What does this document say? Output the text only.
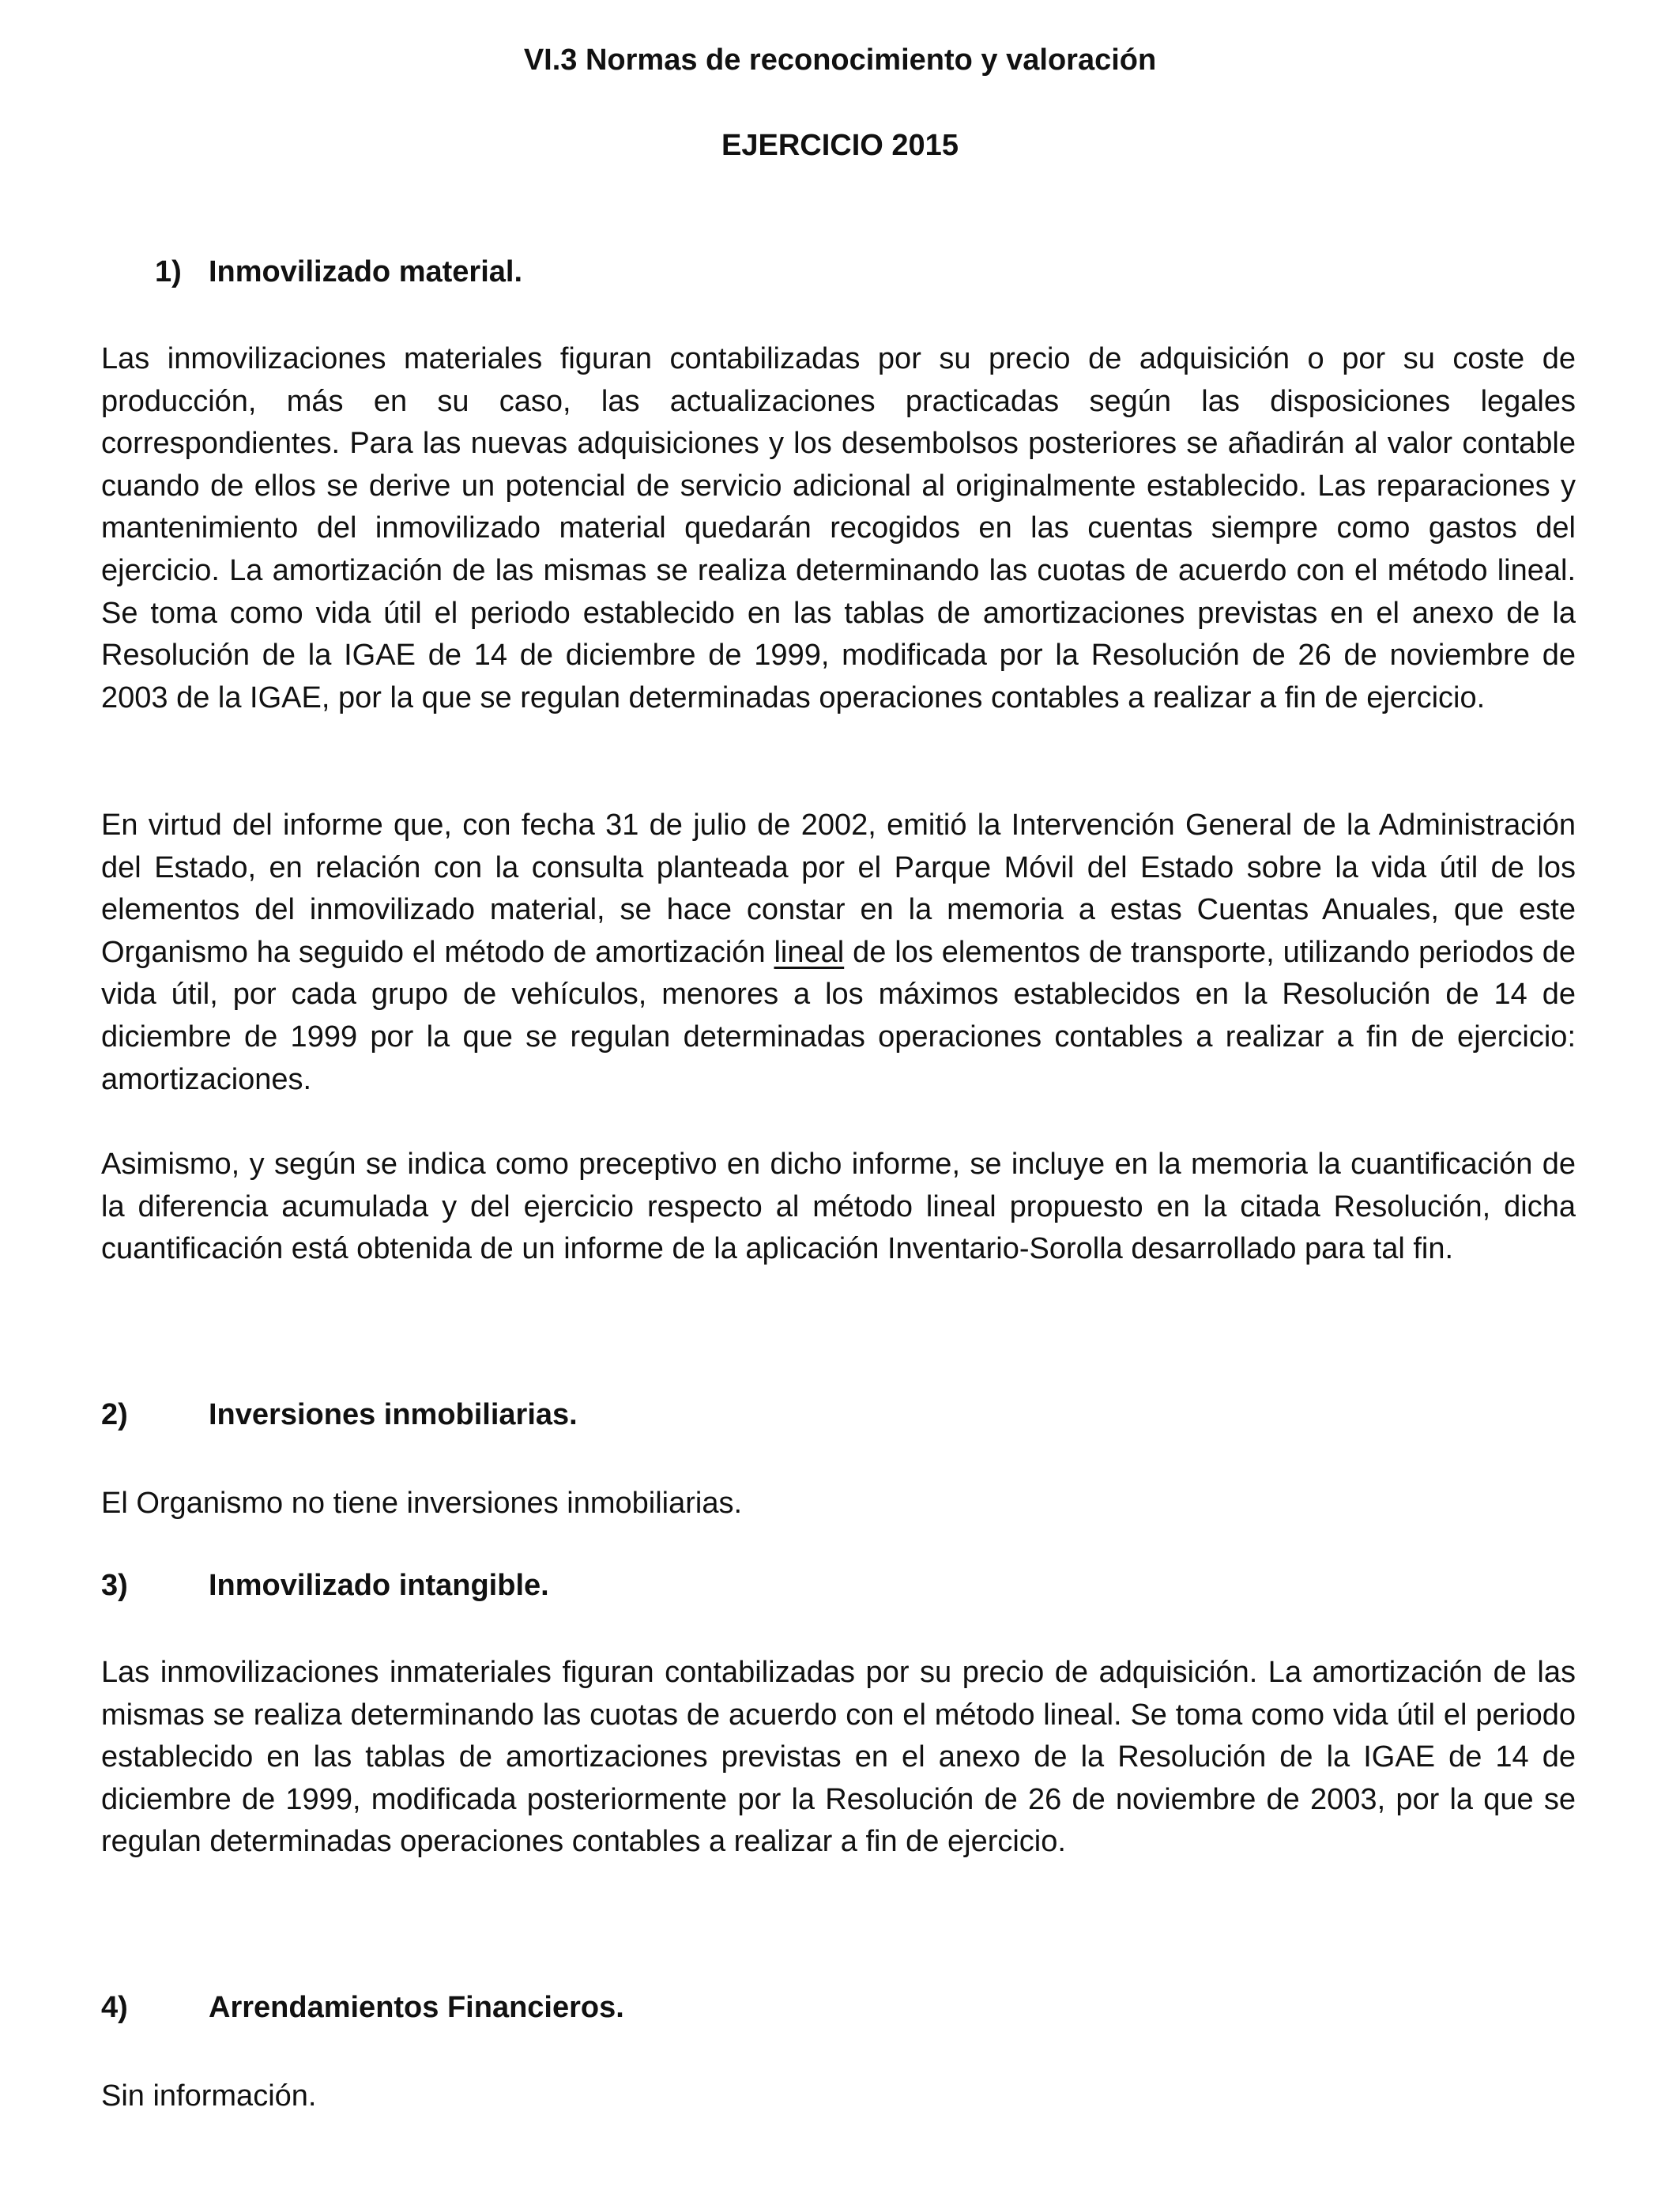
VI.3 Normas de reconocimiento y valoración
EJERCICIO 2015
1) Inmovilizado material.

Las inmovilizaciones materiales figuran contabilizadas por su precio de adquisición o por su coste de producción, más en su caso, las actualizaciones practicadas según las disposiciones legales correspondientes. Para las nuevas adquisiciones y los desembolsos posteriores se añadirán al valor contable cuando de ellos se derive un potencial de servicio adicional al originalmente establecido. Las reparaciones y mantenimiento del inmovilizado material quedarán recogidos en las cuentas siempre como gastos del ejercicio. La amortización de las mismas se realiza determinando las cuotas de acuerdo con el método lineal. Se toma como vida útil el periodo establecido en las tablas de amortizaciones previstas en el anexo de la Resolución de la IGAE de 14 de diciembre de 1999, modificada por la Resolución de 26 de noviembre de 2003 de la IGAE, por la que se regulan determinadas operaciones contables a realizar a fin de ejercicio.

En virtud del informe que, con fecha 31 de julio de 2002, emitió la Intervención General de la Administración del Estado, en relación con la consulta planteada por el Parque Móvil del Estado sobre la vida útil de los elementos del inmovilizado material, se hace constar en la memoria a estas Cuentas Anuales, que este Organismo ha seguido el método de amortización lineal de los elementos de transporte, utilizando periodos de vida útil, por cada grupo de vehículos, menores a los máximos establecidos en la Resolución de 14 de diciembre de 1999 por la que se regulan determinadas operaciones contables a realizar a fin de ejercicio: amortizaciones.

Asimismo, y según se indica como preceptivo en dicho informe, se incluye en la memoria la cuantificación de la diferencia acumulada y del ejercicio respecto al método lineal propuesto en la citada Resolución, dicha cuantificación está obtenida de un informe de la aplicación Inventario-Sorolla desarrollado para tal fin.

2)	Inversiones inmobiliarias.

El Organismo no tiene inversiones inmobiliarias.

3)	Inmovilizado intangible.

Las inmovilizaciones inmateriales figuran contabilizadas por su precio de adquisición. La amortización de las mismas se realiza determinando las cuotas de acuerdo con el método lineal. Se toma como vida útil el periodo establecido en las tablas de amortizaciones previstas en el anexo de la Resolución de la IGAE de 14 de diciembre de 1999, modificada posteriormente por la Resolución de 26 de noviembre de 2003, por la que se regulan determinadas operaciones contables a realizar a fin de ejercicio.

4)	Arrendamientos Financieros.

Sin información.
